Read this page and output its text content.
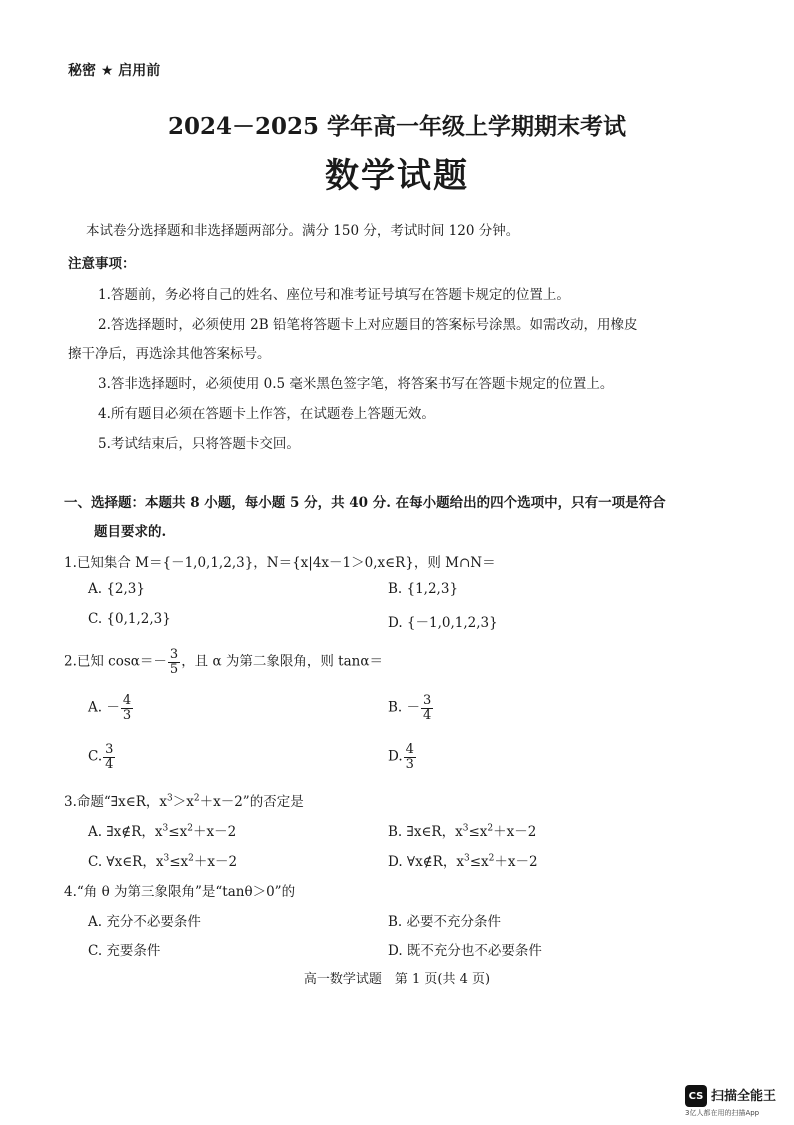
秘密 ★ 启用前
2024－2025 学年高一年级上学期期末考试
数学试题
本试卷分选择题和非选择题两部分。满分 150 分，考试时间 120 分钟。
注意事项：
1.答题前，务必将自己的姓名、座位号和准考证号填写在答题卡规定的位置上。
2.答选择题时，必须使用 2B 铅笔将答题卡上对应题目的答案标号涂黑。如需改动，用橡皮
擦干净后，再选涂其他答案标号。
3.答非选择题时，必须使用 0.5 毫米黑色签字笔，将答案书写在答题卡规定的位置上。
4.所有题目必须在答题卡上作答，在试题卷上答题无效。
5.考试结束后，只将答题卡交回。
一、选择题：本题共 8 小题，每小题 5 分，共 40 分. 在每小题给出的四个选项中，只有一项是符合
题目要求的.
1.已知集合 M＝{－1,0,1,2,3}，N＝{x|4x－1＞0,x∈R}，则 M∩N＝
A. {2,3}	B. {1,2,3}
C. {0,1,2,3}	D. {－1,0,1,2,3}
2.已知 $\cos\alpha=- \frac{3}{5}$ ，且 α 为第二象限角，则 tanα＝
A. － $\frac{4}{3}$	B. － $\frac{3}{4}$
C. $\frac{3}{4}$	D. $\frac{4}{3}$
3.命题“∃x∈R，$x^3>x^2+x-2$”的否定是
A. ∃x∉R，$x^3\le x^2+x-2$	B. ∃x∈R，$x^3\le x^2+x-2$
C. ∀x∈R，$x^3\le x^2+x-2$	D. ∀x∉R，$x^3\le x^2+x-2$
4.“角 θ 为第三象限角”是“tanθ＞0”的
A. 充分不必要条件	B. 必要不充分条件
C. 充要条件	D. 既不充分也不必要条件
高一数学试题　第 1 页(共 4 页)
CS 扫描全能王
3亿人都在用的扫描App
